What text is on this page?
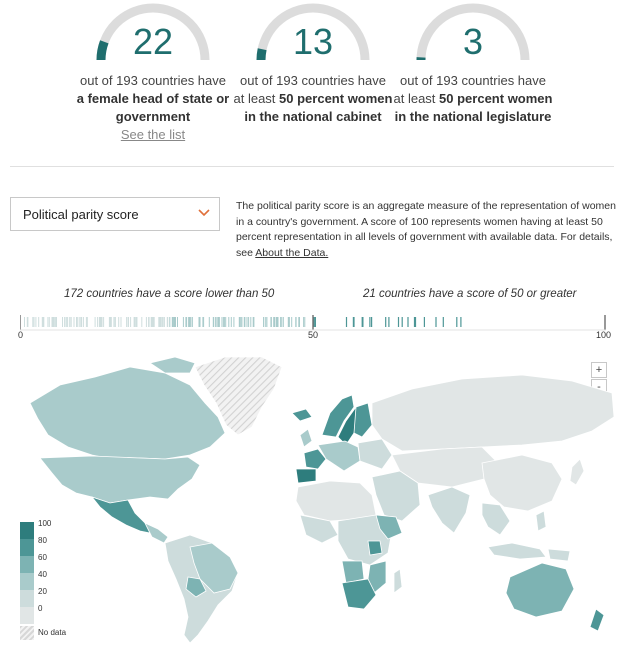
22
out of 193 countries have
a female head of state or government
See the list
13
out of 193 countries have
at least 50 percent women in the national cabinet
3
out of 193 countries have
at least 50 percent women in the national legislature
Political parity score
The political parity score is an aggregate measure of the representation of women in a country's government. A score of 100 represents women having at least 50 percent representation in all levels of government with available data. For details, see About the Data.
172 countries have a score lower than 50	21 countries have a score of 50 or greater
0	50	100
+
-
100
80
60
40
20
0
No data
